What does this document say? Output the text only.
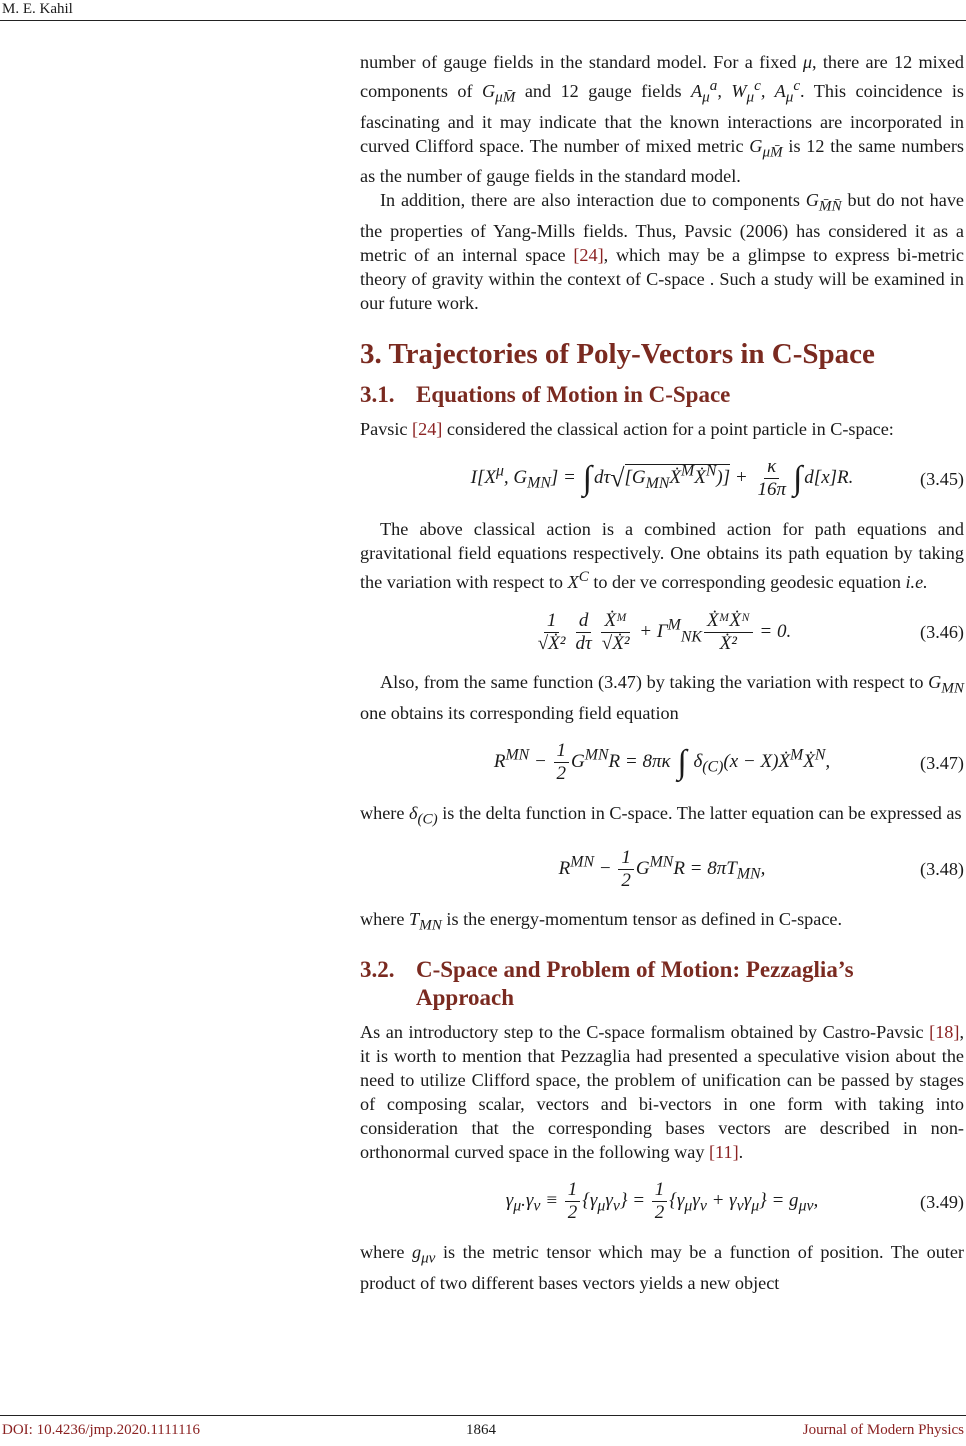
M. E. Kahil

number of gauge fields in the standard model. For a fixed μ, there are 12 mixed components of $G_{\mu M̄}$ and 12 gauge fields $A_\mu^a$, $W_\mu^c$, $A_\mu^c$. This coincidence is fascinating and it may indicate that the known interactions are incorporated in curved Clifford space. The number of mixed metric $G_{\mu M̄}$ is 12 the same numbers as the number of gauge fields in the standard model.

In addition, there are also interaction due to components $G_{M̄N̄}$ but do not have the properties of Yang-Mills fields. Thus, Pavsic (2006) has considered it as a metric of an internal space [24], which may be a glimpse to express bi-metric theory of gravity within the context of C-space . Such a study will be examined in our future work.

3. Trajectories of Poly-Vectors in C-Space
3.1. Equations of Motion in C-Space

Pavsic [24] considered the classical action for a point particle in C-space:

$I[X^\mu$, $G_{MN}$] = ∫ $d\tau√[G_{MN}Ẋ^MẊ^N)] + \frac{\kappa}{16\pi}$ ∫ d[x]R.	(3.45)

The above classical action is a combined action for path equations and gravitational field equations respectively. One obtains its path equation by taking the variation with respect to $X^C$ to der ve corresponding geodesic equation i.e.

$\frac{1}{\text{√Ẋ²}} \frac{d}{d\tau} \frac{\text{Ẋᴹ}}{\text{√Ẋ²}} + \Gamma^M_{NK} \frac{\text{ẊᴹẊᴺ}}{\text{Ẋ²}} = 0$.	(3.46)

Also, from the same function (3.47) by taking the variation with respect to $G_{MN}$ one obtains its corresponding field equation

$R^{MN} - \frac{1}{2} G^{MN}R = 8\pi\kappa$ ∫ $\delta_{(C)}(x$ − X)Ẋ$^M$Ẋ$^N$,	(3.47)

where $\delta_{(C)}$ is the delta function in C-space. The latter equation can be expressed as

$R^{MN} - \frac{1}{2} G^{MN}R = 8\pi T_{MN}$,	(3.48)

where $T_{MN}$ is the energy-momentum tensor as defined in C-space.

3.2. C-Space and Problem of Motion: Pezzaglia’s
Approach

As an introductory step to the C-space formalism obtained by Castro-Pavsic [18], it is worth to mention that Pezzaglia had presented a speculative vision about the need to utilize Clifford space, the problem of unification can be passed by stages of composing scalar, vectors and bi-vectors in one form with taking into consideration that the corresponding bases vectors are described in non-orthonormal curved space in the following way [11].

$\gamma_\mu.\gamma_\nu \equiv \frac{1}{2} \{\gamma_\mu\gamma_\nu\} = \frac{1}{2} \{\gamma_\mu\gamma_\nu + \gamma_\nu\gamma_\mu\} = g_{\mu\nu}$,	(3.49)

where $g_{\mu\nu}$ is the metric tensor which may be a function of position. The outer product of two different bases vectors yields a new object

DOI: 10.4236/jmp.2020.1111116	1864	Journal of Modern Physics
